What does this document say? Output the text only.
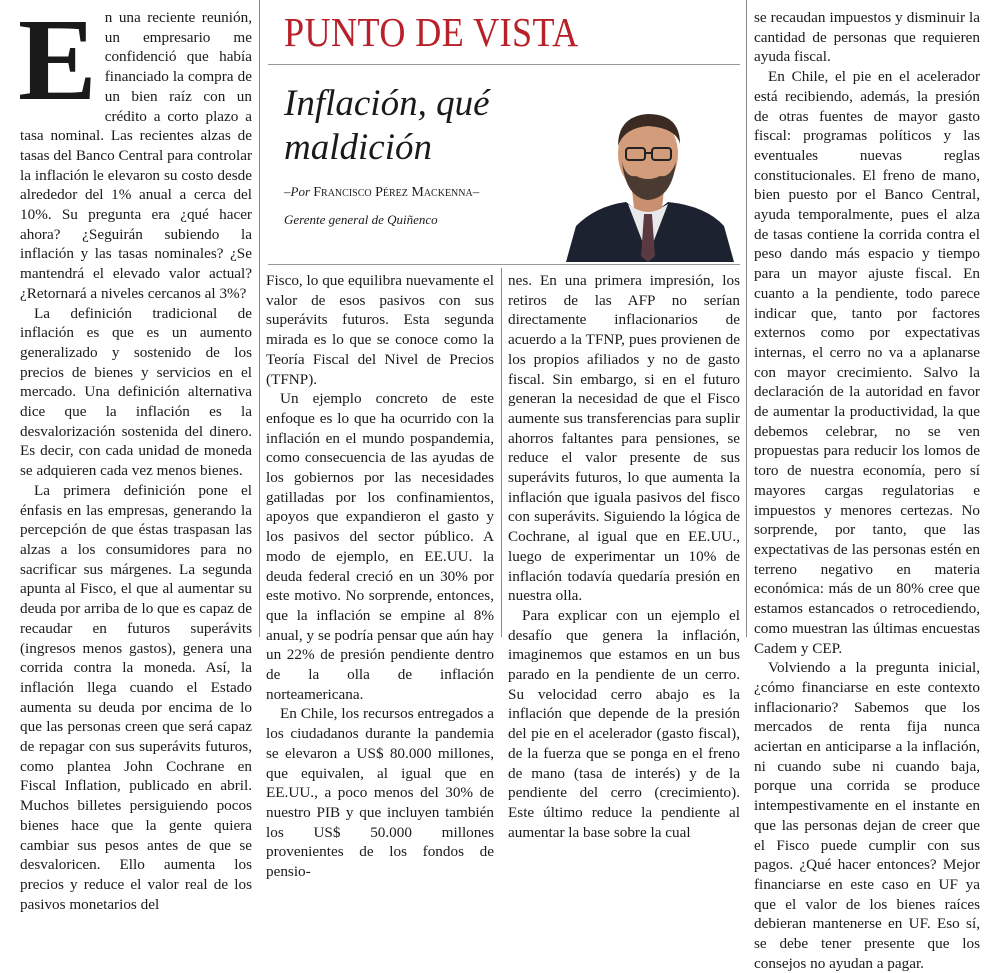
En una reciente reunión, un empresario me confidenció que había financiado la compra de un bien raíz con un crédito a corto plazo a tasa nominal. Las recientes alzas de tasas del Banco Central para controlar la inflación le elevaron su costo desde alrededor del 1% anual a cerca del 10%. Su pregunta era ¿qué hacer ahora? ¿Seguirán subiendo la inflación y las tasas nominales? ¿Se mantendrá el elevado valor actual? ¿Retornará a niveles cercanos al 3%?

La definición tradicional de inflación es que es un aumento generalizado y sostenido de los precios de bienes y servicios en el mercado. Una definición alternativa dice que la inflación es la desvalorización sostenida del dinero. Es decir, con cada unidad de moneda se adquieren cada vez menos bienes.

La primera definición pone el énfasis en las empresas, generando la percepción de que éstas traspasan las alzas a los consumidores para no sacrificar sus márgenes. La segunda apunta al Fisco, el que al aumentar su deuda por arriba de lo que es capaz de recaudar en futuros superávits (ingresos menos gastos), genera una corrida contra la moneda. Así, la inflación llega cuando el Estado aumenta su deuda por encima de lo que las personas creen que será capaz de repagar con sus superávits futuros, como plantea John Cochrane en Fiscal Inflation, publicado en abril. Muchos billetes persiguiendo pocos bienes hace que la gente quiera cambiar sus pesos antes de que se desvaloricen. Ello aumenta los precios y reduce el valor real de los pasivos monetarios del

PUNTO DE VISTA
Inflación, qué maldición
–Por Francisco Pérez Mackenna–
Gerente general de Quiñenco

Fisco, lo que equilibra nuevamente el valor de esos pasivos con sus superávits futuros. Esta segunda mirada es lo que se conoce como la Teoría Fiscal del Nivel de Precios (TFNP).

Un ejemplo concreto de este enfoque es lo que ha ocurrido con la inflación en el mundo pospandemia, como consecuencia de las ayudas de los gobiernos por las necesidades gatilladas por los confinamientos, apoyos que expandieron el gasto y los pasivos del sector público. A modo de ejemplo, en EE.UU. la deuda federal creció en un 30% por este motivo. No sorprende, entonces, que la inflación se empine al 8% anual, y se podría pensar que aún hay un 22% de presión pendiente dentro de la olla de inflación norteamericana.

En Chile, los recursos entregados a los ciudadanos durante la pandemia se elevaron a US$ 80.000 millones, que equivalen, al igual que en EE.UU., a poco menos del 30% de nuestro PIB y que incluyen también los US$ 50.000 millones provenientes de los fondos de pensio-

nes. En una primera impresión, los retiros de las AFP no serían directamente inflacionarios de acuerdo a la TFNP, pues provienen de los propios afiliados y no de gasto fiscal. Sin embargo, si en el futuro generan la necesidad de que el Fisco aumente sus transferencias para suplir ahorros faltantes para pensiones, se reduce el valor presente de sus superávits futuros, lo que aumenta la inflación que iguala pasivos del fisco con superávits. Siguiendo la lógica de Cochrane, al igual que en EE.UU., luego de experimentar un 10% de inflación todavía quedaría presión en nuestra olla.

Para explicar con un ejemplo el desafío que genera la inflación, imaginemos que estamos en un bus parado en la pendiente de un cerro. Su velocidad cerro abajo es la inflación que depende de la presión del pie en el acelerador (gasto fiscal), de la fuerza que se ponga en el freno de mano (tasa de interés) y de la pendiente del cerro (crecimiento). Este último reduce la pendiente al aumentar la base sobre la cual

se recaudan impuestos y disminuir la cantidad de personas que requieren ayuda fiscal.

En Chile, el pie en el acelerador está recibiendo, además, la presión de otras fuentes de mayor gasto fiscal: programas políticos y las eventuales nuevas reglas constitucionales. El freno de mano, bien puesto por el Banco Central, ayuda temporalmente, pues el alza de tasas contiene la corrida contra el peso dando más espacio y tiempo para un mayor ajuste fiscal. En cuanto a la pendiente, todo parece indicar que, tanto por factores externos como por expectativas internas, el cerro no va a aplanarse con mayor crecimiento. Salvo la declaración de la autoridad en favor de aumentar la productividad, la que debemos celebrar, no se ven propuestas para reducir los lomos de toro de nuestra economía, pero sí mayores cargas regulatorias e impuestos y menores certezas. No sorprende, por tanto, que las expectativas de las personas estén en terreno negativo en materia económica: más de un 80% cree que estamos estancados o retrocediendo, como muestran las últimas encuestas Cadem y CEP.

Volviendo a la pregunta inicial, ¿cómo financiarse en este contexto inflacionario? Sabemos que los mercados de renta fija nunca aciertan en anticiparse a la inflación, ni cuando sube ni cuando baja, porque una corrida se produce intempestivamente en el instante en que las personas dejan de creer que el Fisco puede cumplir con sus pagos. ¿Qué hacer entonces? Mejor financiarse en este caso en UF ya que el valor de los bienes raíces debieran mantenerse en UF. Eso sí, se debe tener presente que los consejos no ayudan a pagar.
